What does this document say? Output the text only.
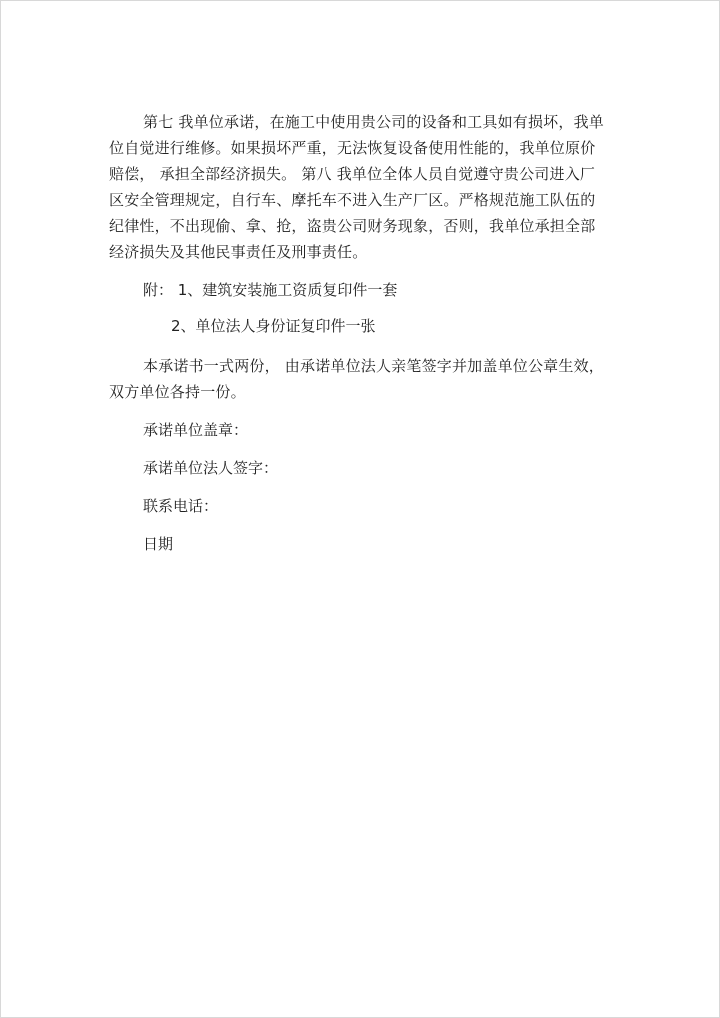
第七 我单位承诺，在施工中使用贵公司的设备和工具如有损坏，我单位自觉进行维修。如果损坏严重，无法恢复设备使用性能的，我单位原价赔偿， 承担全部经济损失。 第八 我单位全体人员自觉遵守贵公司进入厂区安全管理规定，自行车、摩托车不进入生产厂区。严格规范施工队伍的纪律性，不出现偷、拿、抢，盗贵公司财务现象，否则，我单位承担全部经济损失及其他民事责任及刑事责任。

附： 1、建筑安装施工资质复印件一套

2、单位法人身份证复印件一张

本承诺书一式两份， 由承诺单位法人亲笔签字并加盖单位公章生效，双方单位各持一份。

承诺单位盖章：

承诺单位法人签字：

联系电话：

日期
